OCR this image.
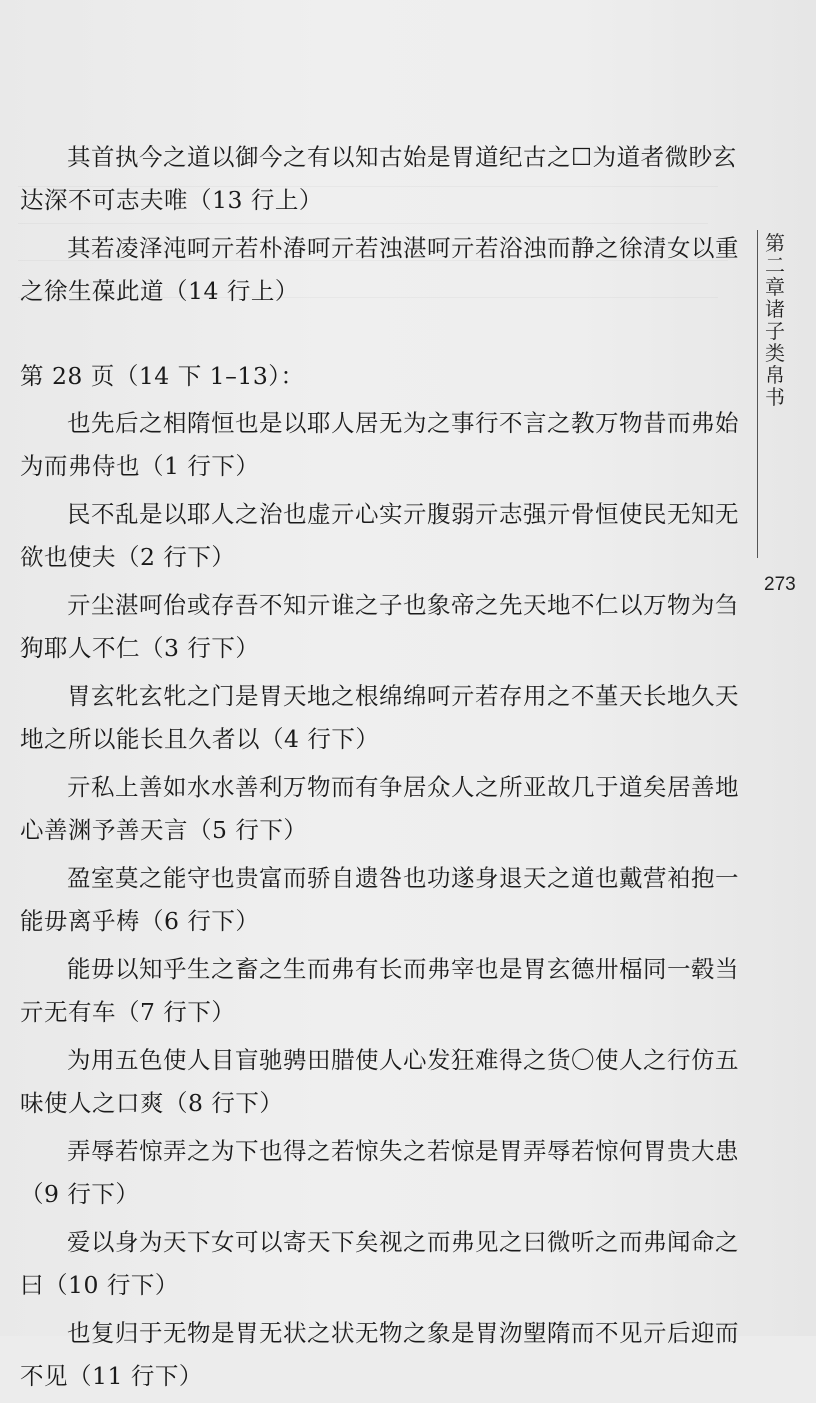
其首执今之道以御今之有以知古始是胃道纪古之☐为道者微眇玄达深不可志夫唯（13 行上）

其若凌泽沌呵亓若朴湷呵亓若浊湛呵亓若浴浊而静之徐清女以重之徐生葆此道（14 行上）

第 28 页（14 下 1–13）：

也先后之相隋恒也是以耶人居无为之事行不言之教万物昔而弗始为而弗侍也（1 行下）

民不乱是以耶人之治也虚亓心实亓腹弱亓志强亓骨恒使民无知无欲也使夫（2 行下）

亓尘湛呵佁或存吾不知亓谁之子也象帝之先天地不仁以万物为刍狗耶人不仁（3 行下）

胃玄牝玄牝之门是胃天地之根绵绵呵亓若存用之不堇天长地久天地之所以能长且久者以（4 行下）

亓私上善如水水善利万物而有争居众人之所亚故几于道矣居善地心善渊予善天言（5 行下）

盈室莫之能守也贵富而骄自遗咎也功遂身退天之道也戴营袙抱一能毋离乎梼（6 行下）

能毋以知乎生之畜之生而弗有长而弗宰也是胃玄德卅楅同一毂当亓无有车（7 行下）

为用五色使人目盲驰骋田腊使人心发狂难得之货〇使人之行仿五味使人之口爽（8 行下）

弄辱若惊弄之为下也得之若惊失之若惊是胃弄辱若惊何胃贵大患（9 行下）

爱以身为天下女可以寄天下矣视之而弗见之曰微听之而弗闻命之曰（10 行下）

也复归于无物是胃无状之状无物之象是胃沕朢隋而不见亓后迎而不见（11 行下）

第
二
章
诸
子
类
帛
书
273
